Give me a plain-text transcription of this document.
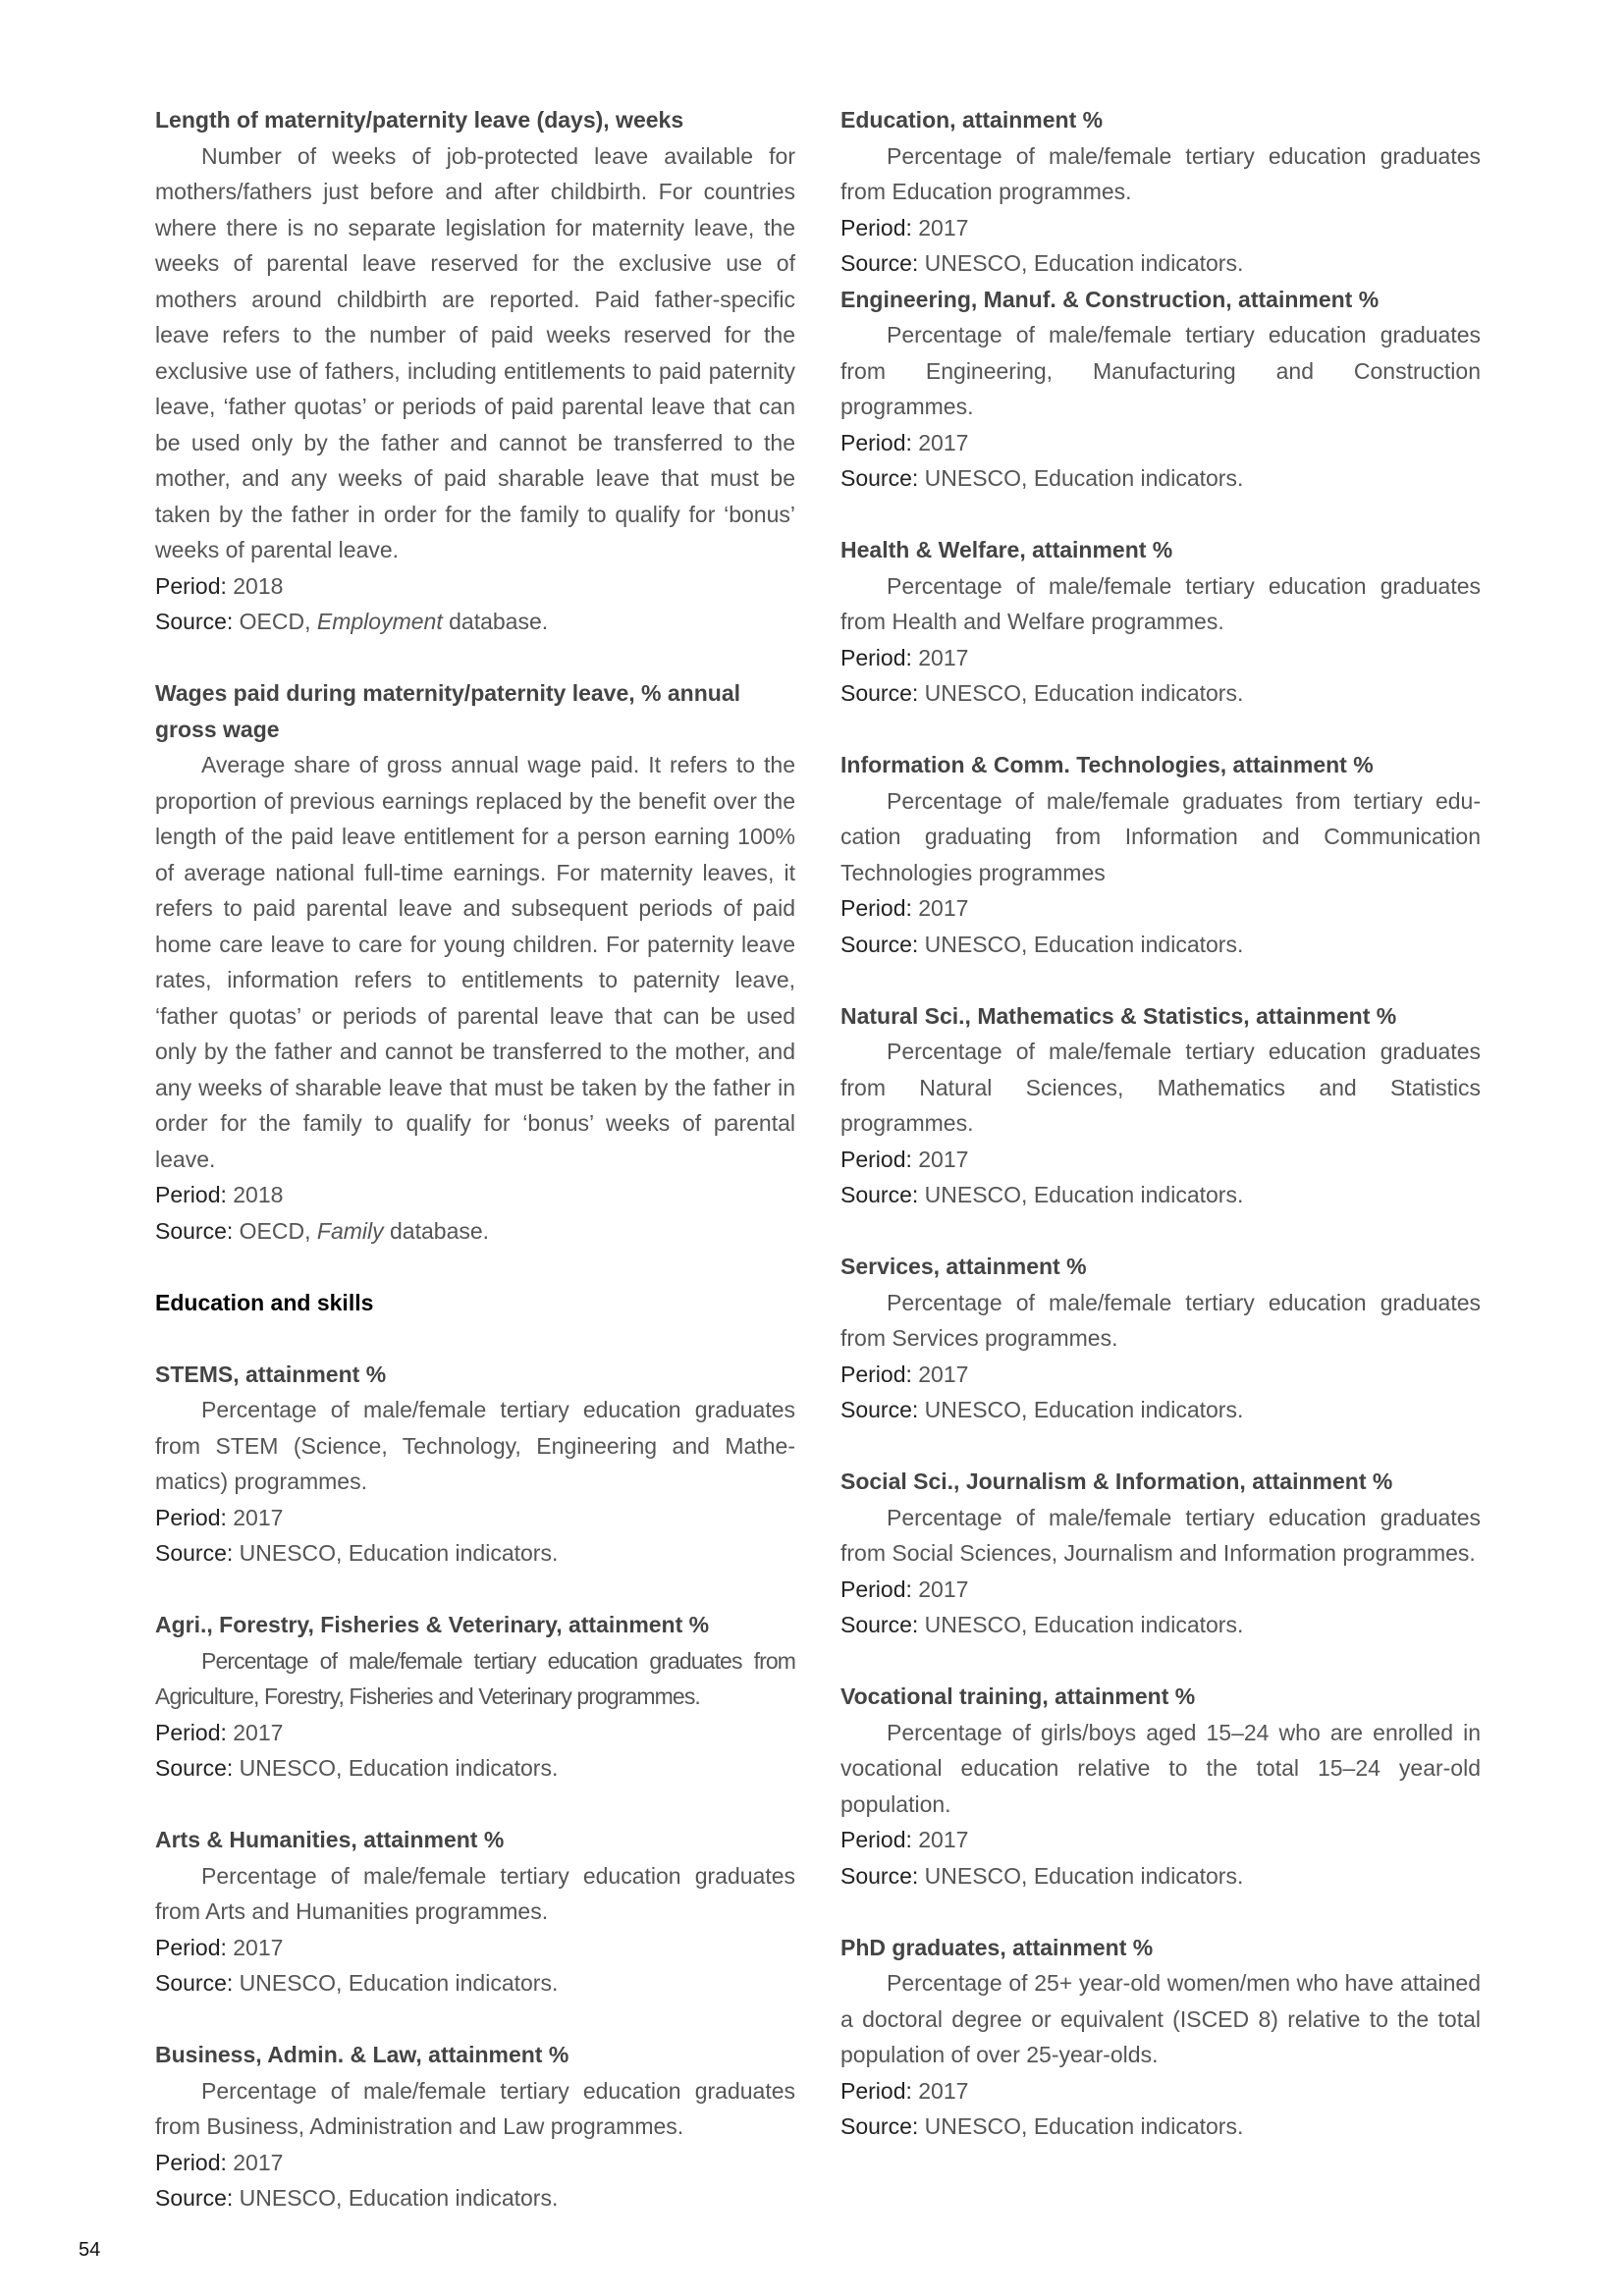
Length of maternity/paternity leave (days), weeks
Number of weeks of job-protected leave available for mothers/fathers just before and after childbirth. For countries where there is no separate legislation for maternity leave, the weeks of parental leave reserved for the exclusive use of mothers around childbirth are reported. Paid father-specific leave refers to the number of paid weeks reserved for the exclusive use of fathers, including entitlements to paid paternity leave, ‘father quotas’ or periods of paid parental leave that can be used only by the father and cannot be transferred to the mother, and any weeks of paid sharable leave that must be taken by the father in order for the family to qualify for ‘bonus’ weeks of parental leave.
Period: 2018
Source: OECD, Employment database.
Wages paid during maternity/paternity leave, % annual gross wage
Average share of gross annual wage paid. It refers to the proportion of previous earnings replaced by the benefit over the length of the paid leave entitlement for a person earning 100% of average national full-time earnings. For maternity leaves, it refers to paid parental leave and subsequent periods of paid home care leave to care for young children. For paternity leave rates, information refers to entitlements to paternity leave, ‘father quotas’ or periods of parental leave that can be used only by the father and cannot be transferred to the mother, and any weeks of sharable leave that must be taken by the father in order for the family to qualify for ‘bonus’ weeks of parental leave.
Period: 2018
Source: OECD, Family database.
Education and skills
STEMS, attainment %
Percentage of male/female tertiary education graduates from STEM (Science, Technology, Engineering and Mathematics) programmes.
Period: 2017
Source: UNESCO, Education indicators.
Agri., Forestry, Fisheries & Veterinary, attainment %
Percentage of male/female tertiary education graduates from Agriculture, Forestry, Fisheries and Veterinary programmes.
Period: 2017
Source: UNESCO, Education indicators.
Arts & Humanities, attainment %
Percentage of male/female tertiary education graduates from Arts and Humanities programmes.
Period: 2017
Source: UNESCO, Education indicators.
Business, Admin. & Law, attainment %
Percentage of male/female tertiary education graduates from Business, Administration and Law programmes.
Period: 2017
Source: UNESCO, Education indicators.
Education, attainment %
Percentage of male/female tertiary education graduates from Education programmes.
Period: 2017
Source: UNESCO, Education indicators.
Engineering, Manuf. & Construction, attainment %
Percentage of male/female tertiary education graduates from Engineering, Manufacturing and Construction programmes.
Period: 2017
Source: UNESCO, Education indicators.
Health & Welfare, attainment %
Percentage of male/female tertiary education graduates from Health and Welfare programmes.
Period: 2017
Source: UNESCO, Education indicators.
Information & Comm. Technologies, attainment %
Percentage of male/female graduates from tertiary education graduating from Information and Communication Technologies programmes
Period: 2017
Source: UNESCO, Education indicators.
Natural Sci., Mathematics & Statistics, attainment %
Percentage of male/female tertiary education graduates from Natural Sciences, Mathematics and Statistics programmes.
Period: 2017
Source: UNESCO, Education indicators.
Services, attainment %
Percentage of male/female tertiary education graduates from Services programmes.
Period: 2017
Source: UNESCO, Education indicators.
Social Sci., Journalism & Information, attainment %
Percentage of male/female tertiary education graduates from Social Sciences, Journalism and Information programmes.
Period: 2017
Source: UNESCO, Education indicators.
Vocational training, attainment %
Percentage of girls/boys aged 15–24 who are enrolled in vocational education relative to the total 15–24 year-old population.
Period: 2017
Source: UNESCO, Education indicators.
PhD graduates, attainment %
Percentage of 25+ year-old women/men who have attained a doctoral degree or equivalent (ISCED 8) relative to the total population of over 25-year-olds.
Period: 2017
Source: UNESCO, Education indicators.
54
